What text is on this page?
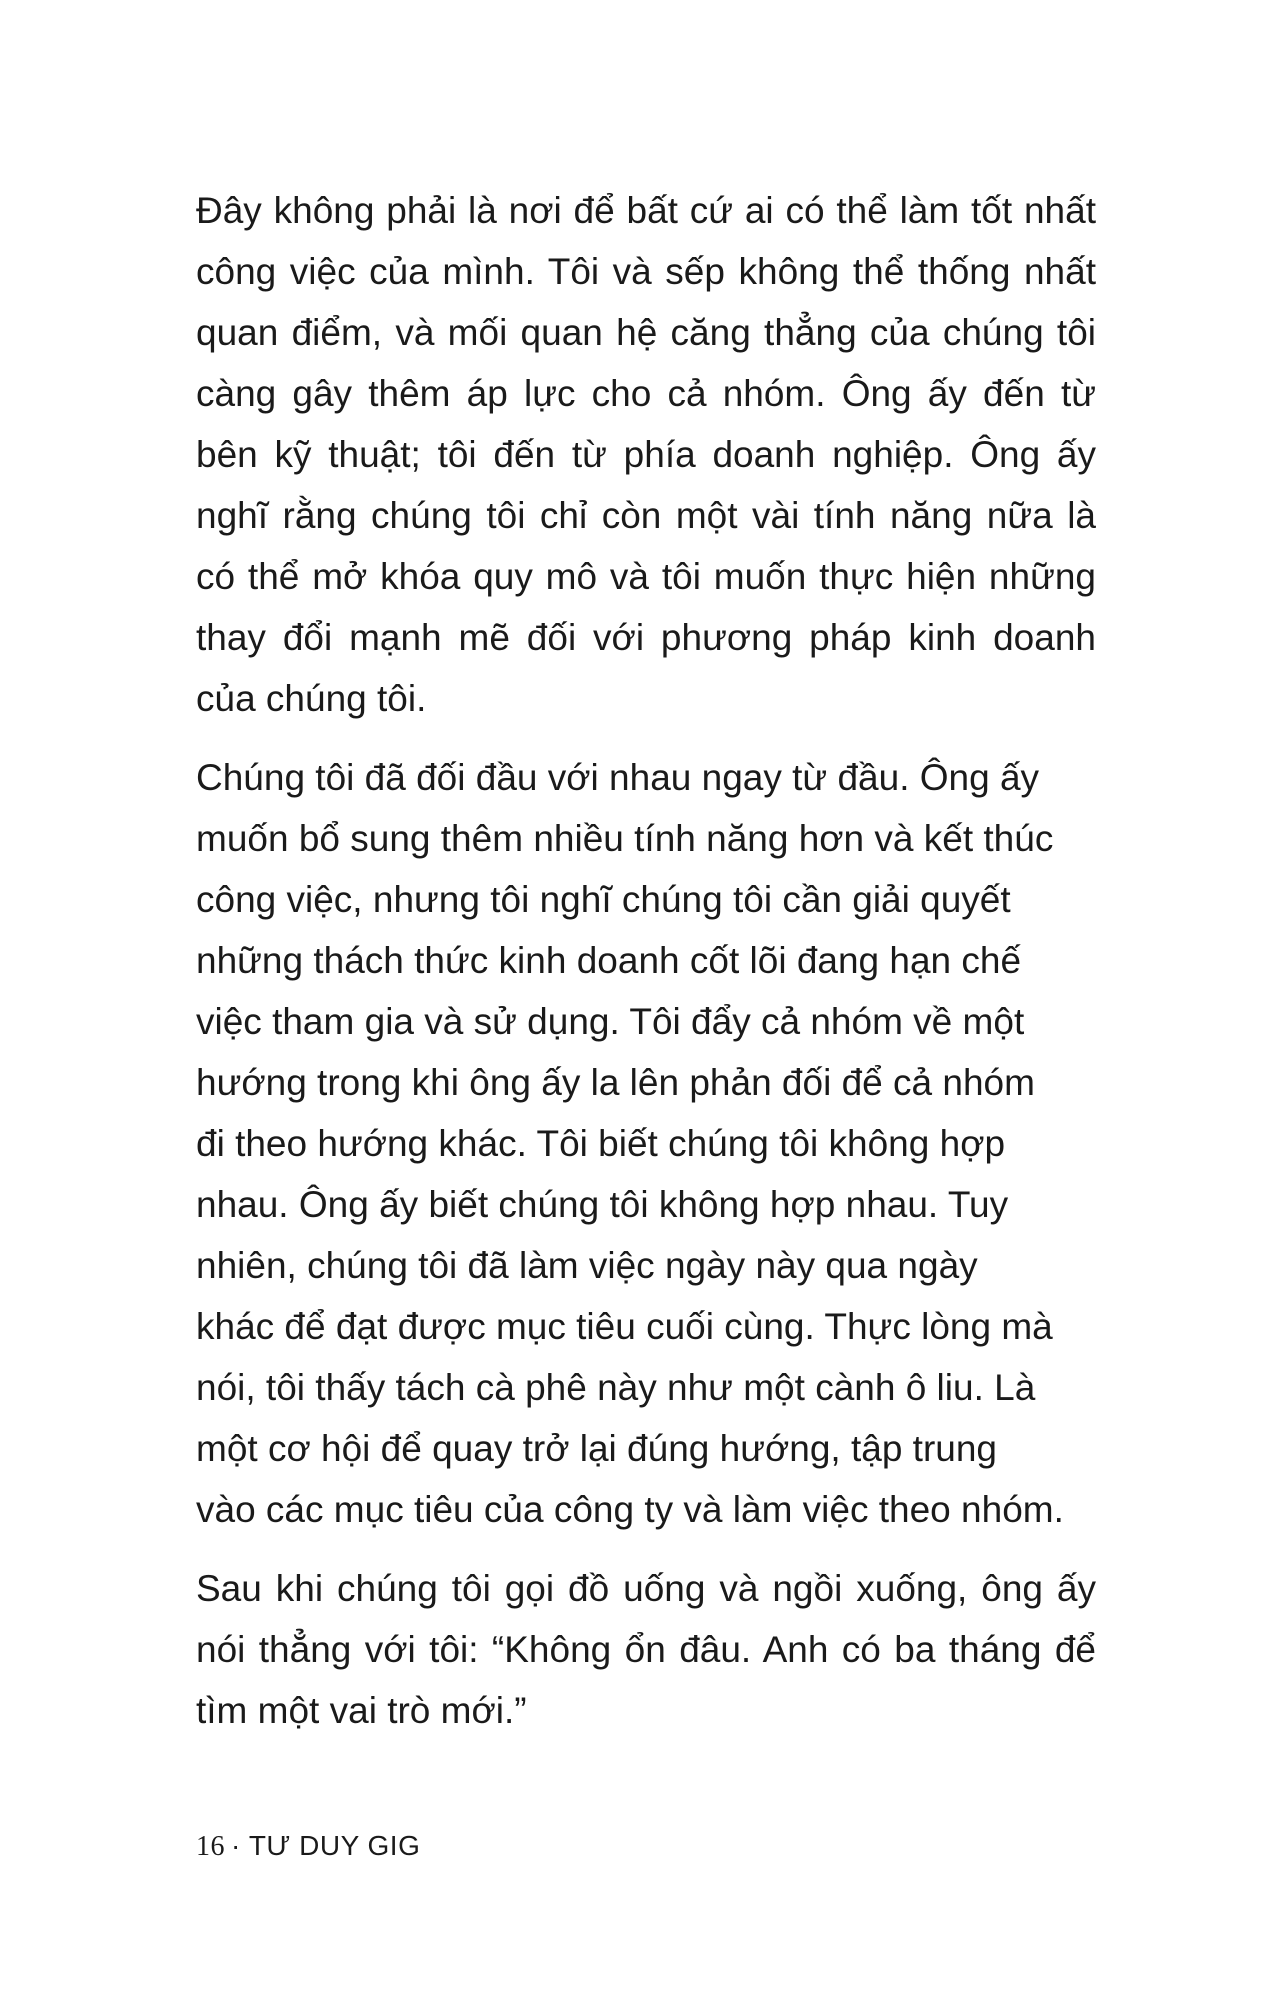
Đây không phải là nơi để bất cứ ai có thể làm tốt nhất công việc của mình. Tôi và sếp không thể thống nhất quan điểm, và mối quan hệ căng thẳng của chúng tôi càng gây thêm áp lực cho cả nhóm. Ông ấy đến từ bên kỹ thuật; tôi đến từ phía doanh nghiệp. Ông ấy nghĩ rằng chúng tôi chỉ còn một vài tính năng nữa là có thể mở khóa quy mô và tôi muốn thực hiện những thay đổi mạnh mẽ đối với phương pháp kinh doanh của chúng tôi.

Chúng tôi đã đối đầu với nhau ngay từ đầu. Ông ấy muốn bổ sung thêm nhiều tính năng hơn và kết thúc công việc, nhưng tôi nghĩ chúng tôi cần giải quyết những thách thức kinh doanh cốt lõi đang hạn chế việc tham gia và sử dụng. Tôi đẩy cả nhóm về một hướng trong khi ông ấy la lên phản đối để cả nhóm đi theo hướng khác. Tôi biết chúng tôi không hợp nhau. Ông ấy biết chúng tôi không hợp nhau. Tuy nhiên, chúng tôi đã làm việc ngày này qua ngày khác để đạt được mục tiêu cuối cùng. Thực lòng mà nói, tôi thấy tách cà phê này như một cành ô liu. Là một cơ hội để quay trở lại đúng hướng, tập trung vào các mục tiêu của công ty và làm việc theo nhóm.

Sau khi chúng tôi gọi đồ uống và ngồi xuống, ông ấy nói thẳng với tôi: “Không ổn đâu. Anh có ba tháng để tìm một vai trò mới.”

16 · TƯ DUY GIG
